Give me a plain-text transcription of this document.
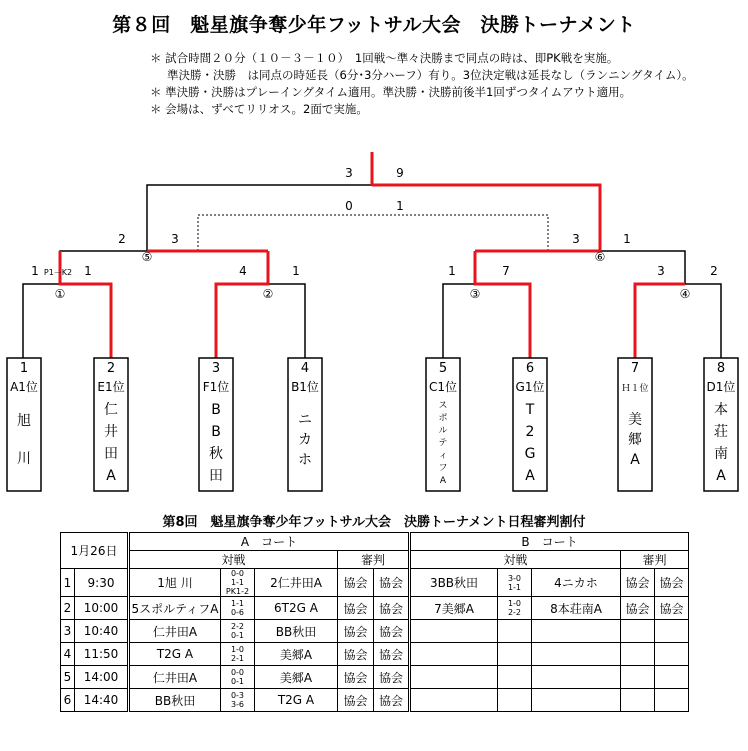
第８回　魁星旗争奪少年フットサル大会　決勝トーナメント
＊ 試合時間２０分（１０－３－１０）　1回戦～準々決勝まで同点の時は、即PK戦を実施。
準決勝・決勝　は同点の時延長（6分･3分ハーフ）有り。3位決定戦は延長なし（ランニングタイム）。
＊ 準決勝・決勝はプレーイングタイム適用。準決勝・決勝前後半1回ずつタイムアウト適用。
＊ 会場は、ずべてリリオス。2面で実施。
①	②	③	④
⑤	⑥
1 P1－K2 1	4	1	1	7	3	2
2	3	3	1
3	9
0	1
1
A1位
旭
川
2
E1位
仁
井
田
A
3
F1位
B
B
秋
田
4
B1位
ニ
カ
ホ
5
C1位
ス
ポ
ル
テ
ィ
フ
A
6
G1位
T
2
G
A
7
Ｈ１位
美
郷
A
8
D1位
本
荘
南
A
第8回　魁星旗争奪少年フットサル大会　決勝トーナメント日程審判割付
1月26日		A　コート					B　コート				
		対戦			審判		対戦			審判	
1	9:30	1旭 川	0-0
1-1
PK1-2	2仁井田A	協会	協会	3BB秋田	3-0
1-1	4ニカホ	協会	協会
2	10:00	5スポルティフA	1-1
0-6	6T2G A	協会	協会	7美郷A	1-0
2-2	8本荘南A	協会	協会
3	10:40	仁井田A	2-2
0-1	BB秋田	協会	協会		

4	11:50	T2G A	1-0
2-1	美郷A	協会	協会		

5	14:00	仁井田A	0-0
0-1	美郷A	協会	協会		

6	14:40	BB秋田	0-3
3-6	T2G A	協会	協会		
